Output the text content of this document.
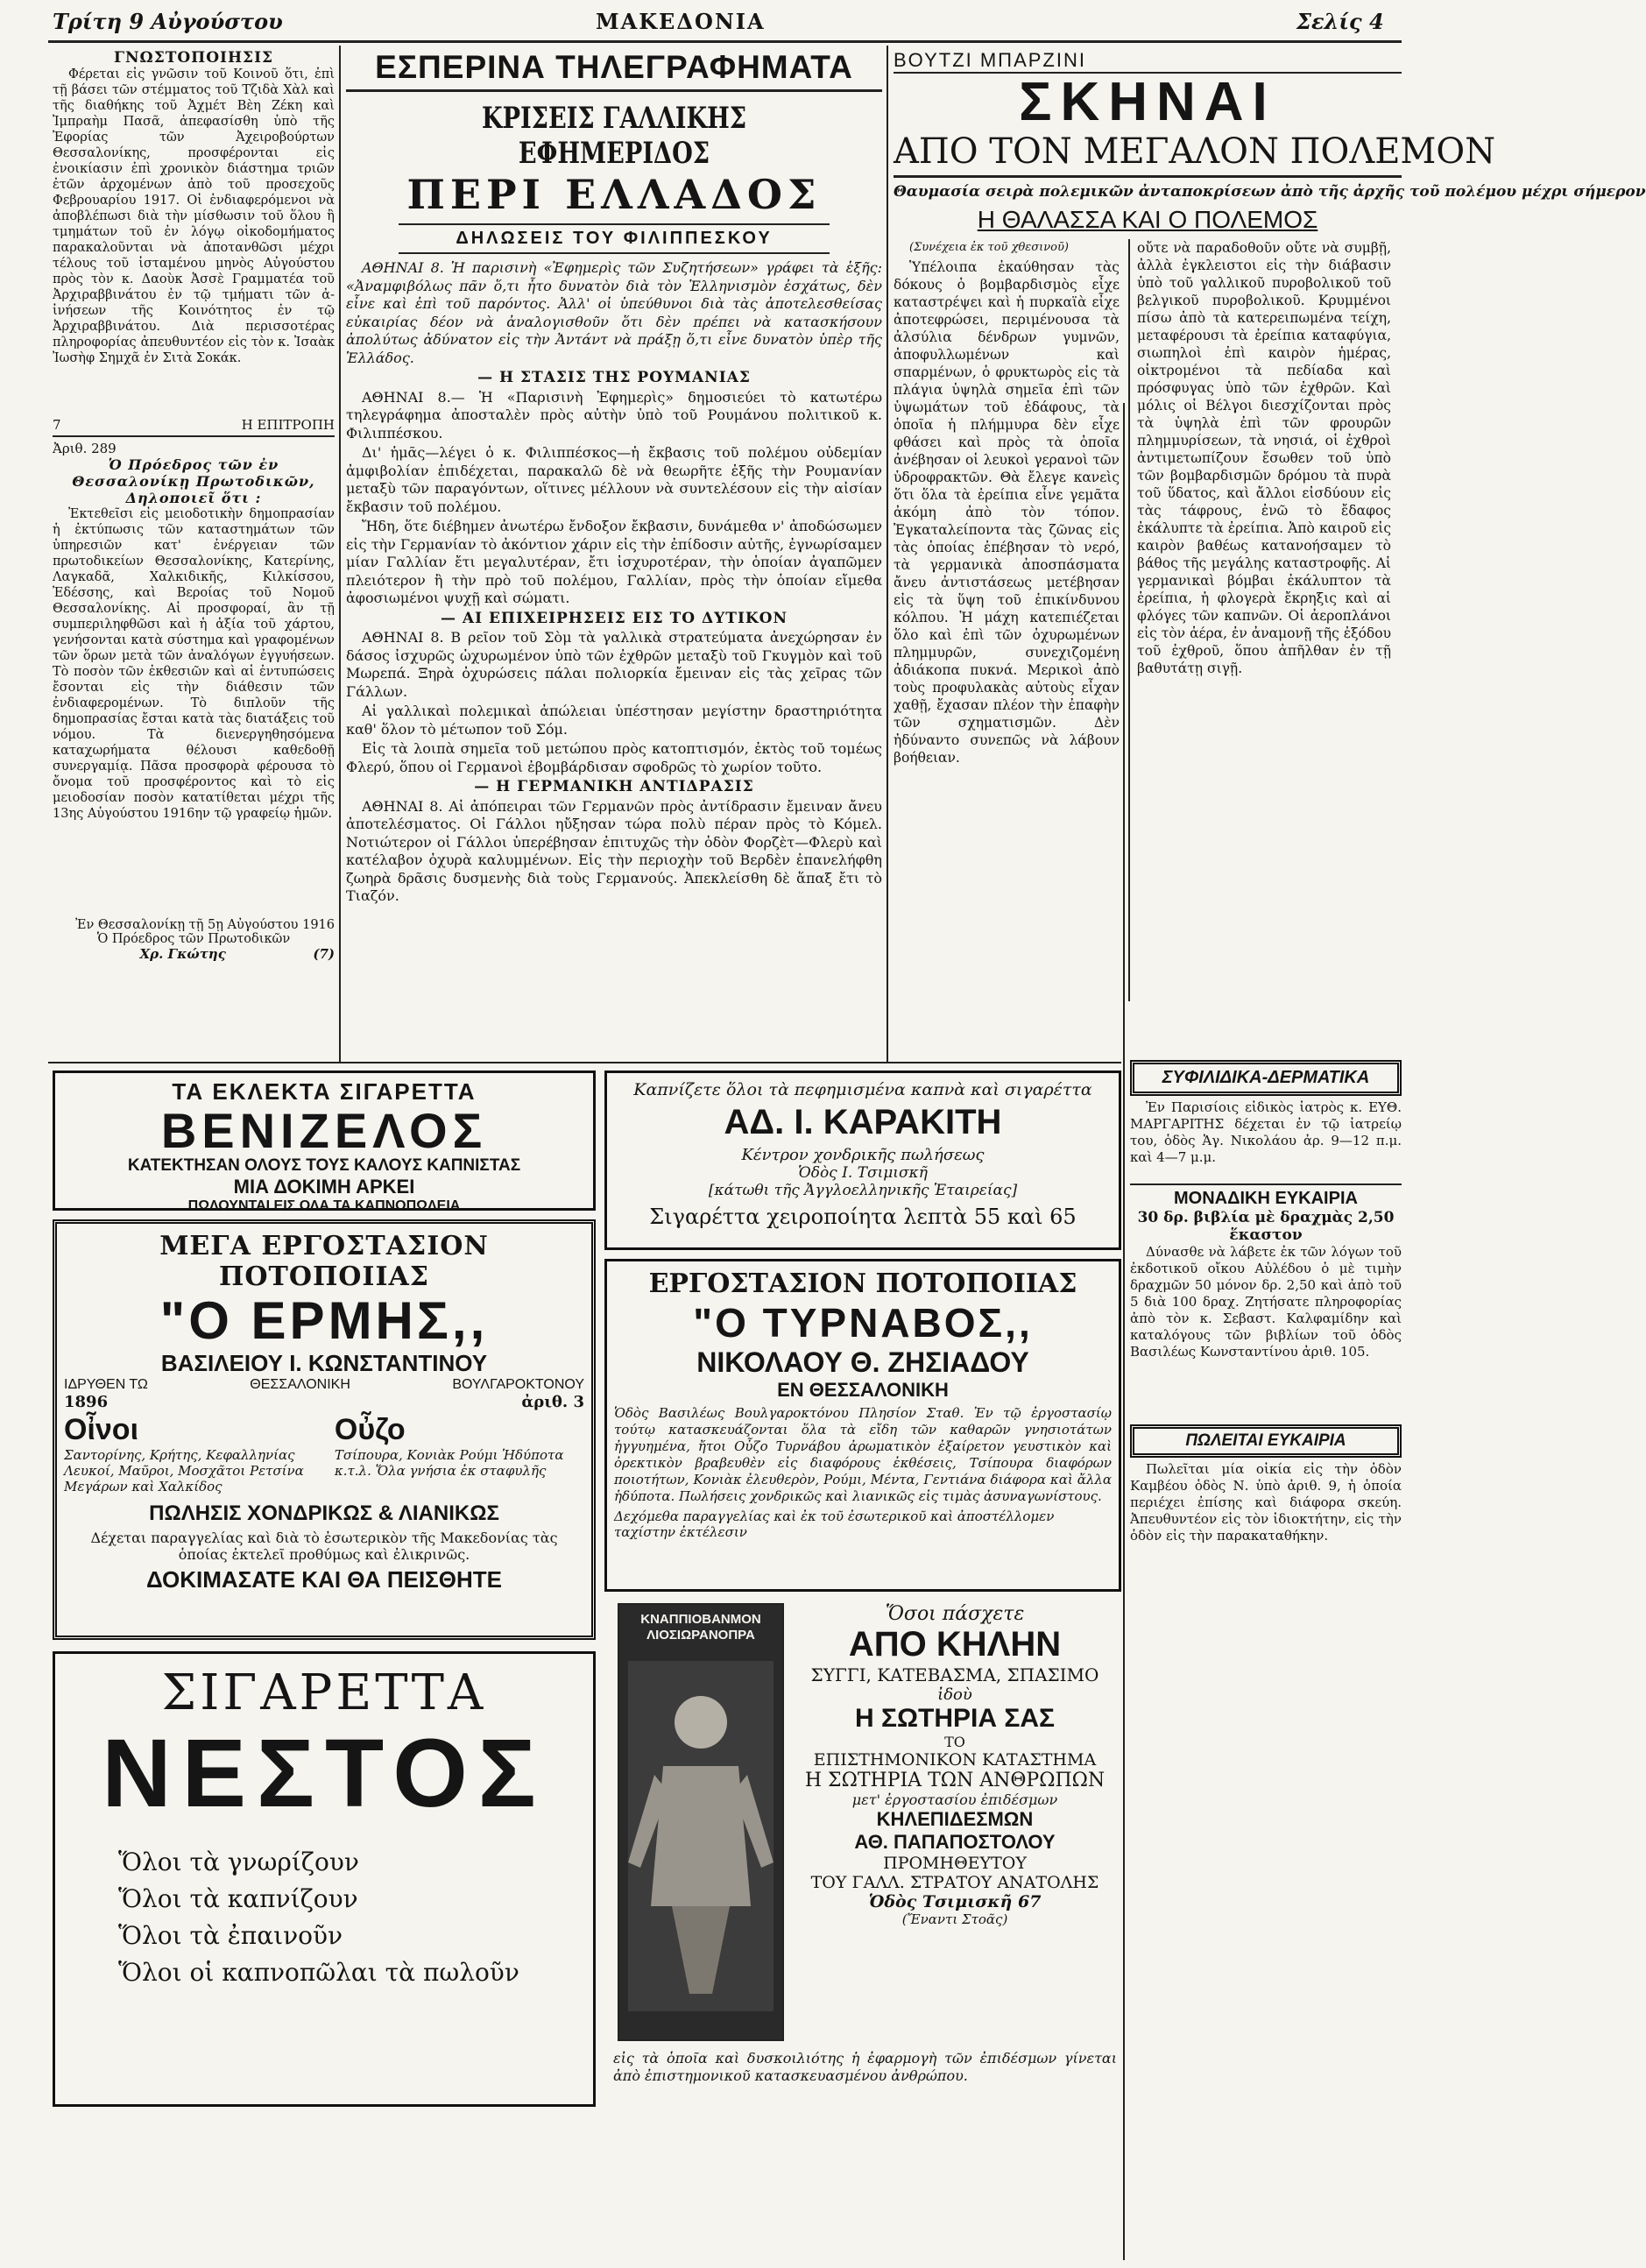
Τρίτη 9 Αὐγούστου	ΜΑΚΕΔΟΝΙΑ	Σελίς 4
ΓΝΩΣΤΟΠΟΙΗΣΙΣ

Φέρεται εἰς γνῶσιν τοῦ Κοινοῦ ὅτι, ἐπὶ τῇ βάσει τῶν στέμματος τοῦ Τζιδὰ Χὰλ καὶ τῆς διαθήκης τοῦ Ἀχμέτ Βὲη Ζέκη καὶ Ἰμπραὴμ Πασᾶ, ἀπεφασίσθη ὑπὸ τῆς Ἐφορίας τῶν Ἀχειροβούρτων Θεσσαλονίκης, προσφέρονται εἰς ἐνοικίασιν ἐπὶ χρονικὸν διάστημα τριῶν ἐτῶν ἀρχομένων ἀπὸ τοῦ προσεχοῦς Φεβρουαρίου 1917. Οἱ ἐνδιαφερόμενοι νὰ ἀποβλέπωσι διὰ τὴν μίσθωσιν τοῦ ὅλου ἢ τμημάτων τοῦ ἐν λόγῳ οἰκοδομήματος παρακαλοῦνται νὰ ἀποτανθῶσι μέχρι τέλους τοῦ ἰσταμένου μηνὸς Αὐγούστου πρὸς τὸν κ. Δαοὺκ Ἀσσὲ Γραμματέα τοῦ Ἀρχιραββινάτου ἐν τῷ τμήματι τῶν ἀ-ἰνήσεων τῆς Κοινότητος ἐν τῷ Ἀρχιραββινάτου. Διὰ περισσοτέρας πληροφορίας ἀπευθυντέον εἰς τὸν κ. Ἰσαὰκ Ἰωσὴφ Σημχᾶ ἐν Σιτὰ Σοκάκ.

7	Η ΕΠΙΤΡΟΠΗ
Ἀριθ. 289
Ὁ Πρόεδρος τῶν ἐν Θεσσαλονίκῃ Πρωτοδικῶν,
Δηλοποιεῖ ὅτι :

Ἐκτεθεῖσι εἰς μειοδοτικὴν δημοπρασίαν ἡ ἐκτύπωσις τῶν καταστημάτων τῶν ὑπηρεσιῶν κατ' ἐνέργειαν τῶν πρωτοδικείων Θεσσαλονίκης, Κατερίνης, Λαγκαδᾶ, Χαλκιδικῆς, Κιλκίσσου, Ἐδέσσης, καὶ Βεροίας τοῦ Νομοῦ Θεσσαλονίκης. Αἱ προσφοραί, ἂν τῇ συμπεριληφθῶσι καὶ ἡ ἀξία τοῦ χάρτου, γενήσονται κατὰ σύστημα καὶ γραφομένων τῶν ὅρων μετὰ τῶν ἀναλόγων ἐγγυήσεων. Τὸ ποσὸν τῶν ἐκθεσιῶν καὶ αἱ ἐντυπώσεις ἔσονται εἰς τὴν διάθεσιν τῶν ἐνδιαφερομένων. Τὸ διπλοῦν τῆς δημοπρασίας ἔσται κατὰ τὰς διατάξεις τοῦ νόμου. Τὰ διενεργηθησόμενα καταχωρήματα θέλουσι καθεδοθῇ συνεργαμίᾳ. Πᾶσα προσφορὰ φέρουσα τὸ ὄνομα τοῦ προσφέροντος καὶ τὸ εἰς μειοδοσίαν ποσὸν κατατίθεται μέχρι τῆς 13ης Αὐγούστου 1916ην τῷ γραφείῳ ἡμῶν.

Ἐν Θεσσαλονίκῃ τῇ 5ῃ Αὐγούστου 1916
Ὁ Πρόεδρος τῶν Πρωτοδικῶν
Χρ. Γκώτης	(7)
ΕΣΠΕΡΙΝΑ ΤΗΛΕΓΡΑΦΗΜΑΤΑ
ΚΡΙΣΕΙΣ ΓΑΛΛΙΚΗΣ ΕΦΗΜΕΡΙΔΟΣ
ΠΕΡΙ ΕΛΛΑΔΟΣ
ΔΗΛΩΣΕΙΣ ΤΟΥ ΦΙΛΙΠΠΕΣΚΟΥ

ΑΘΗΝΑΙ 8. Ἡ παρισινὴ «Ἐφημερὶς τῶν Συζητήσεων» γράφει τὰ ἑξῆς: «Ἀναμφιβόλως πᾶν ὅ,τι ἦτο δυνατὸν διὰ τὸν Ἑλληνισμὸν ἐσχάτως, δὲν εἶνε καὶ ἐπὶ τοῦ παρόντος. Ἀλλ' οἱ ὑπεύθυνοι διὰ τὰς ἀποτελεσθείσας εὐκαιρίας δέον νὰ ἀναλογισθοῦν ὅτι δὲν πρέπει νὰ κατασκήσουν ἀπολύτως ἀδύνατον εἰς τὴν Ἀντάντ νὰ πράξῃ ὅ,τι εἶνε δυνατὸν ὑπὲρ τῆς Ἑλλάδος.

— Η ΣΤΑΣΙΣ ΤΗΣ ΡΟΥΜΑΝΙΑΣ

ΑΘΗΝΑΙ 8.— Ἡ «Παρισινὴ Ἐφημερὶς» δημοσιεύει τὸ κατωτέρω τηλεγράφημα ἀποσταλὲν πρὸς αὐτὴν ὑπὸ τοῦ Ρουμάνου πολιτικοῦ κ. Φιλιππέσκου.

Δι' ἡμᾶς—λέγει ὁ κ. Φιλιππέσκος—ἡ ἔκβασις τοῦ πολέμου οὐδεμίαν ἀμφιβολίαν ἐπιδέχεται, παρακαλῶ δὲ νὰ θεωρῆτε ἐξῆς τὴν Ρουμανίαν μεταξὺ τῶν παραγόντων, οἵτινες μέλλουν νὰ συντελέσουν εἰς τὴν αἰσίαν ἔκβασιν τοῦ πολέμου.

Ἤδη, ὅτε διέβημεν ἀνωτέρω ἔνδοξον ἔκβασιν, δυνάμεθα ν' ἀποδώσωμεν εἰς τὴν Γερμανίαν τὸ ἀκόντιον χάριν εἰς τὴν ἐπίδοσιν αὐτῆς, ἐγνωρίσαμεν μίαν Γαλλίαν ἔτι μεγαλυτέραν, ἔτι ἰσχυροτέραν, τὴν ὁποίαν ἀγαπῶμεν πλειότερον ἢ τὴν πρὸ τοῦ πολέμου, Γαλλίαν, πρὸς τὴν ὁποίαν εἴμεθα ἀφοσιωμένοι ψυχῇ καὶ σώματι.

— ΑΙ ΕΠΙΧΕΙΡΗΣΕΙΣ ΕΙΣ ΤΟ ΔΥΤΙΚΟΝ

ΑΘΗΝΑΙ 8. Β ρεῖον τοῦ Σὸμ τὰ γαλλικὰ στρατεύματα ἀνεχώρησαν ἐν δάσος ἰσχυρῶς ὠχυρωμένον ὑπὸ τῶν ἐχθρῶν μεταξὺ τοῦ Γκυγμὸν καὶ τοῦ Μωρεπά. Ξηρὰ ὀχυρώσεις πάλαι πολιορκία ἔμειναν εἰς τὰς χεῖρας τῶν Γάλλων.

Αἱ γαλλικαὶ πολεμικαὶ ἀπώλειαι ὑπέστησαν μεγίστην δραστηριότητα καθ' ὅλον τὸ μέτωπον τοῦ Σόμ.

Εἰς τὰ λοιπὰ σημεῖα τοῦ μετώπου πρὸς κατοπτισμόν, ἐκτὸς τοῦ τομέως Φλερύ, ὅπου οἱ Γερμανοὶ ἐβομβάρδισαν σφοδρῶς τὸ χωρίον τοῦτο.

— Η ΓΕΡΜΑΝΙΚΗ ΑΝΤΙΔΡΑΣΙΣ

ΑΘΗΝΑΙ 8. Αἱ ἀπόπειραι τῶν Γερμανῶν πρὸς ἀντίδρασιν ἔμειναν ἄνευ ἀποτελέσματος. Οἱ Γάλλοι ηὔξησαν τώρα πολὺ πέραν πρὸς τὸ Κόμελ. Νοτιώτερον οἱ Γάλλοι ὑπερέβησαν ἐπιτυχῶς τὴν ὁδὸν Φορζὲτ—Φλερὺ καὶ κατέλαβον ὀχυρὰ καλυμμένων. Εἰς τὴν περιοχὴν τοῦ Βερδὲν ἐπανελήφθη ζωηρὰ δρᾶσις δυσμενὴς διὰ τοὺς Γερμανούς. Ἀπεκλείσθη δὲ ἅπαξ ἔτι τὸ Τιαζόν.

ΒΟΥΤΖΙ ΜΠΑΡΖΙΝΙ
ΣΚΗΝΑΙ
ΑΠΟ ΤΟΝ ΜΕΓΑΛΟΝ ΠΟΛΕΜΟΝ
Θαυμασία σειρὰ πολεμικῶν ἀνταποκρίσεων ἀπὸ τῆς ἀρχῆς τοῦ πολέμου μέχρι σήμερον
Η ΘΑΛΑΣΣΑ ΚΑΙ Ο ΠΟΛΕΜΟΣ

(Συνέχεια ἐκ τοῦ χθεσινοῦ)

Ὑπέλοιπα ἐκαύθησαν τὰς δόκους ὁ βομβαρδισμὸς εἶχε καταστρέψει καὶ ἡ πυρκαϊὰ εἶχε ἀποτεφρώσει, περιμένουσα τὰ ἀλσύλια δένδρων γυμνῶν, ἀποφυλλωμένων καὶ σπαρμένων, ὁ φρυκτωρὸς εἰς τὰ πλάγια ὑψηλὰ σημεῖα ἐπὶ τῶν ὑψωμάτων τοῦ ἐδάφους, τὰ ὁποῖα ἡ πλήμμυρα δὲν εἶχε φθάσει καὶ πρὸς τὰ ὁποῖα ἀνέβησαν οἱ λευκοὶ γερανοὶ τῶν ὑδροφρακτῶν. Θὰ ἔλεγε κανεὶς ὅτι ὅλα τὰ ἐρείπια εἶνε γεμᾶτα ἀκόμη ἀπὸ τὸν τόπον. Ἐγκαταλείποντα τὰς ζῶνας εἰς τὰς ὁποίας ἐπέβησαν τὸ νερό, τὰ γερμανικὰ ἀποσπάσματα ἄνευ ἀντιστάσεως μετέβησαν εἰς τὰ ὕψη τοῦ ἐπικίνδυνου κόλπου. Ἡ μάχη κατεπιέζεται ὅλο καὶ ἐπὶ τῶν ὀχυρωμένων πλημμυρῶν, συνεχιζομένη ἀδιάκοπα πυκνά. Μερικοὶ ἀπὸ τοὺς προφυλακὰς αὐτοὺς εἶχαν χαθῇ, ἔχασαν πλέον τὴν ἐπαφὴν τῶν σχηματισμῶν. Δὲν ἠδύναντο συνεπῶς νὰ λάβουν βοήθειαν.

οὔτε νὰ παραδοθοῦν οὔτε νὰ συμβῇ, ἀλλὰ ἐγκλειστοι εἰς τὴν διάβασιν ὑπὸ τοῦ γαλλικοῦ πυροβολικοῦ τοῦ βελγικοῦ πυροβολικοῦ. Κρυμμένοι πίσω ἀπὸ τὰ κατερειπωμένα τείχη, μεταφέρουσι τὰ ἐρείπια καταφύγια, σιωπηλοὶ ἐπὶ καιρὸν ἡμέρας, οἰκτρομένοι τὰ πεδίαδα καὶ πρόσφυγας ὑπὸ τῶν ἐχθρῶν. Καὶ μόλις οἱ Βέλγοι διεσχίζονται πρὸς τὰ ὑψηλὰ ἐπὶ τῶν φρουρῶν πλημμυρίσεων, τὰ νησιά, οἱ ἐχθροὶ ἀντιμετωπίζουν ἔσωθεν τοῦ ὑπὸ τῶν βομβαρδισμῶν δρόμου τὰ πυρὰ τοῦ ὕδατος, καὶ ἄλλοι εἰσδύουν εἰς τὰς τάφρους, ἐνῶ τὸ ἔδαφος ἐκάλυπτε τὰ ἐρείπια. Ἀπὸ καιροῦ εἰς καιρὸν βαθέως κατανοήσαμεν τὸ βάθος τῆς μεγάλης καταστροφῆς. Αἱ γερμανικαὶ βόμβαι ἐκάλυπτον τὰ ἐρείπια, ἡ φλογερὰ ἔκρηξις καὶ αἱ φλόγες τῶν καπνῶν. Οἱ ἀεροπλάνοι εἰς τὸν ἀέρα, ἐν ἀναμονῇ τῆς ἐξόδου τοῦ ἐχθροῦ, ὅπου ἀπῆλθαν ἐν τῇ βαθυτάτῃ σιγῇ.

ΣΥΦΙΛΙΔΙΚΑ-ΔΕΡΜΑΤΙΚΑ

Ἐν Παρισίοις εἰδικὸς ἰατρὸς κ. ΕΥΘ. ΜΑΡΓΑΡΙΤΗΣ δέχεται ἐν τῷ ἰατρείῳ του, ὁδὸς Ἁγ. Νικολάου ἀρ. 9—12 π.μ. καὶ 4—7 μ.μ.

ΜΟΝΑΔΙΚΗ ΕΥΚΑΙΡΙΑ
30 δρ. βιβλία μὲ δραχμὰς 2,50 ἕκαστον

Δύνασθε νὰ λάβετε ἐκ τῶν λόγων τοῦ ἐκδοτικοῦ οἴκου Αὐλέδου ὁ μὲ τιμὴν δραχμῶν 50 μόνον δρ. 2,50 καὶ ἀπὸ τοῦ 5 διὰ 100 δραχ. Ζητήσατε πληροφορίας ἀπὸ τὸν κ. Σεβαστ. Καλφαμίδην καὶ καταλόγους τῶν βιβλίων τοῦ ὁδὸς Βασιλέως Κωνσταντίνου ἀριθ. 105.

ΠΩΛΕΙΤΑΙ ΕΥΚΑΙΡΙΑ

Πωλεῖται μία οἰκία εἰς τὴν ὁδὸν Καμβέου ὁδὸς Ν. ὑπὸ ἀριθ. 9, ἡ ὁποία περιέχει ἐπίσης καὶ διάφορα σκεύη. Ἀπευθυντέον εἰς τὸν ἰδιοκτήτην, εἰς τὴν ὁδὸν εἰς τὴν παρακαταθήκην.

ΤΑ ΕΚΛΕΚΤΑ ΣΙΓΑΡΕΤΤΑ
ΒΕΝΙΖΕΛΟΣ
ΚΑΤΕΚΤΗΣΑΝ ΟΛΟΥΣ ΤΟΥΣ ΚΑΛΟΥΣ ΚΑΠΝΙΣΤΑΣ
ΜΙΑ ΔΟΚΙΜΗ ΑΡΚΕΙ
ΠΩΛΟΥΝΤΑΙ ΕΙΣ ΟΛΑ ΤΑ ΚΑΠΝΟΠΩΛΕΙΑ
Καπνίζετε ὅλοι τὰ πεφημισμένα καπνὰ καὶ σιγαρέττα
ΑΔ. Ι. ΚΑΡΑΚΙΤΗ
Κέντρον χονδρικῆς πωλήσεως
Ὁδὸς Ι. Τσιμισκῆ
[κάτωθι τῆς Ἀγγλοελληνικῆς Ἑταιρείας]
Σιγαρέττα χειροποίητα λεπτὰ 55 καὶ 65
ΜΕΓΑ ΕΡΓΟΣΤΑΣΙΟΝ ΠΟΤΟΠΟΙΙΑΣ
"Ο ΕΡΜΗΣ,,
ΒΑΣΙΛΕΙΟΥ Ι. ΚΩΝΣΤΑΝΤΙΝΟΥ
ΙΔΡΥΘΕΝ ΤΩ	ΘΕΣΣΑΛΟΝΙΚΗ	ΒΟΥΛΓΑΡΟΚΤΟΝΟΥ
1896	ἀριθ. 3
Οἶνοι
Σαντορίνης, Κρήτης, Κεφαλληνίας Λευκοί, Μαῦροι, Μοσχᾶτοι Ρετσίνα Μεγάρων καὶ Χαλκίδος
Οὖζο
Τσίπουρα, Κονιὰκ Ρούμι Ἡδύποτα κ.τ.λ. Ὅλα γνήσια ἐκ σταφυλῆς
ΠΩΛΗΣΙΣ ΧΟΝΔΡΙΚΩΣ & ΛΙΑΝΙΚΩΣ
Δέχεται παραγγελίας καὶ διὰ τὸ ἐσωτερικὸν τῆς Μακεδονίας τὰς ὁποίας ἐκτελεῖ προθύμως καὶ ἐλικρινῶς.
ΔΟΚΙΜΑΣΑΤΕ ΚΑΙ ΘΑ ΠΕΙΣΘΗΤΕ
ΕΡΓΟΣΤΑΣΙΟΝ ΠΟΤΟΠΟΙΙΑΣ
"Ο ΤΥΡΝΑΒΟΣ,,
ΝΙΚΟΛΑΟΥ Θ. ΖΗΣΙΑΔΟΥ
ΕΝ ΘΕΣΣΑΛΟΝΙΚΗ
Ὁδὸς Βασιλέως Βουλγαροκτόνου Πλησίον Σταθ. Ἐν τῷ ἐργοστασίῳ τούτῳ κατασκευάζονται ὅλα τὰ εἴδη τῶν καθαρῶν γνησιοτάτων ἠγγυημένα, ἤτοι Οὖζο Τυρνάβου ἀρωματικὸν ἐξαίρετον γευστικὸν καὶ ὀρεκτικὸν βραβευθὲν εἰς διαφόρους ἐκθέσεις, Τσίπουρα διαφόρων ποιοτήτων, Κονιὰκ ἐλευθερὸν, Ρούμι, Μέντα, Γεντιάνα διάφορα καὶ ἄλλα ἡδύποτα. Πωλήσεις χονδρικῶς καὶ λιανικῶς εἰς τιμὰς ἀσυναγωνίστους.
Δεχόμεθα παραγγελίας καὶ ἐκ τοῦ ἐσωτερικοῦ καὶ ἀποστέλλομεν ταχίστην ἐκτέλεσιν
ΣΙΓΑΡΕΤΤΑ
ΝΕΣΤΟΣ
Ὅλοι τὰ γνωρίζουν
Ὅλοι τὰ καπνίζουν
Ὅλοι τὰ ἐπαινοῦν
Ὅλοι οἱ καπνοπῶλαι τὰ πωλοῦν
ΚΝΑΠΠΙΟΒΑΝΜΟΝ
ΛΙΟΣΙΩΡΑΝΟΠΡΑ
Ὅσοι πάσχετε
ΑΠΟ ΚΗΛΗΝ
ΣΥΓΓΙ, ΚΑΤΕΒΑΣΜΑ, ΣΠΑΣΙΜΟ
ἰδοὺ
Η ΣΩΤΗΡΙΑ ΣΑΣ
ΤΟ
ΕΠΙΣΤΗΜΟΝΙΚΟΝ ΚΑΤΑΣΤΗΜΑ
Η ΣΩΤΗΡΙΑ ΤΩΝ ΑΝΘΡΩΠΩΝ
μετ' ἐργοστασίου ἐπιδέσμων
ΚΗΛΕΠΙΔΕΣΜΩΝ
ΑΘ. ΠΑΠΑΠΟΣΤΟΛΟΥ
ΠΡΟΜΗΘΕΥΤΟΥ
ΤΟΥ ΓΑΛΛ. ΣΤΡΑΤΟΥ ΑΝΑΤΟΛΗΣ
Ὁδὸς Τσιμισκῆ 67
(Ἔναντι Στοᾶς)
εἰς τὰ ὁποῖα καὶ δυσκοιλιότης ἡ ἐφαρμογὴ τῶν ἐπιδέσμων γίνεται ἀπὸ ἐπιστημονικοῦ κατασκευασμένου ἀνθρώπου.
